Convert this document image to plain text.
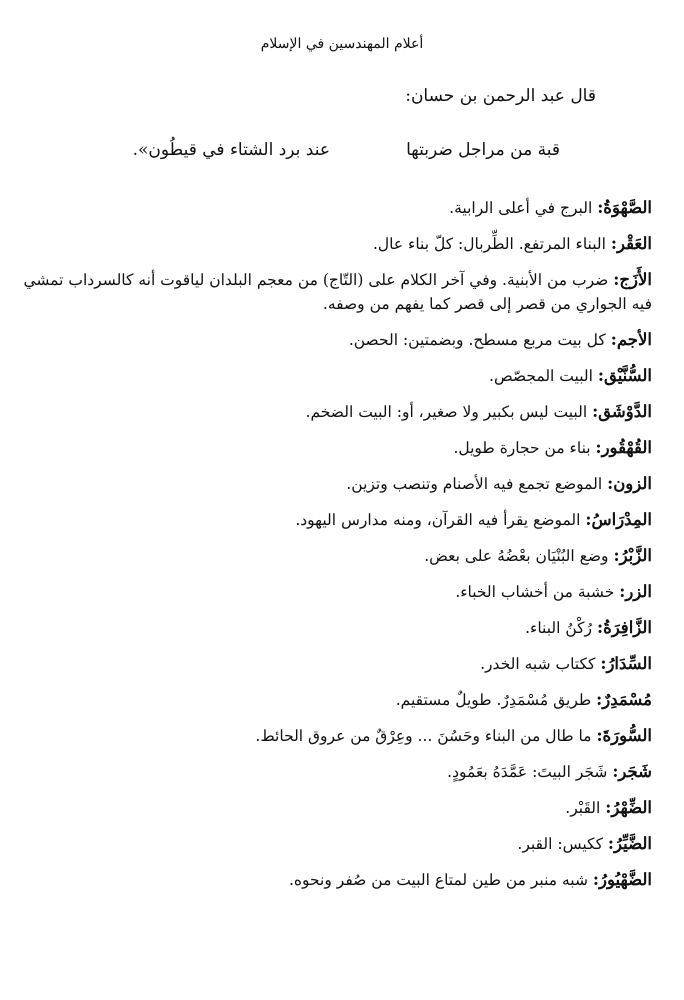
أعلام المهندسين في الإسلام
قال عبد الرحمن بن حسان:
قبة من مراجل ضربتها
عند برد الشتاء في قيطُون».
الصَّهْوَةُ: البرج في أعلى الرابية.
العَقْر: البناء المرتفع. الطِّربال: كلّ بناء عال.
الأَزَج: ضرب من الأبنية. وفي آخر الكلام على (التّاج) من معجم البلدان لياقوت أنه كالسرداب تمشي فيه الجواري من قصر إلى قصر كما يفهم من وصفه.
الأجم: كل بيت مربع مسطح. وبضمتين: الحصن.
السُّنَّيْق: البيت المجصّص.
الدَّوْشَق: البيت ليس بكبير ولا صغير، أو: البيت الضخم.
القُهْقُور: بناء من حجارة طويل.
الزون: الموضع تجمع فيه الأصنام وتنصب وتزين.
المِدْرَاسُ: الموضع يقرأ فيه القرآن، ومنه مدارس اليهود.
الزَّبْرُ: وضع البُنْيَان بعْضُهُ على بعض.
الزر: خشبة من أخشاب الخباء.
الزَّافِرَةُ: رُكْنُ البناء.
السِّدَارُ: ككتاب شبه الخدر.
مُسْمَدِرٌ: طريق مُسْمَدِرٌ. طويلٌ مستقيم.
السُّورَةَ: ما طال من البناء وحَسُنَ ... وعِرْقٌ من عروق الحائط.
شَجَر: شَجَر البيتَ: عَمَّدَهُ بعَمُودٍ.
الضِّهْرُ: القَبْر.
الضَّيِّرُ: ككيس: القبر.
الضَّهْيُورُ: شبه منبر من طين لمتاع البيت من صُفر ونحوه.
